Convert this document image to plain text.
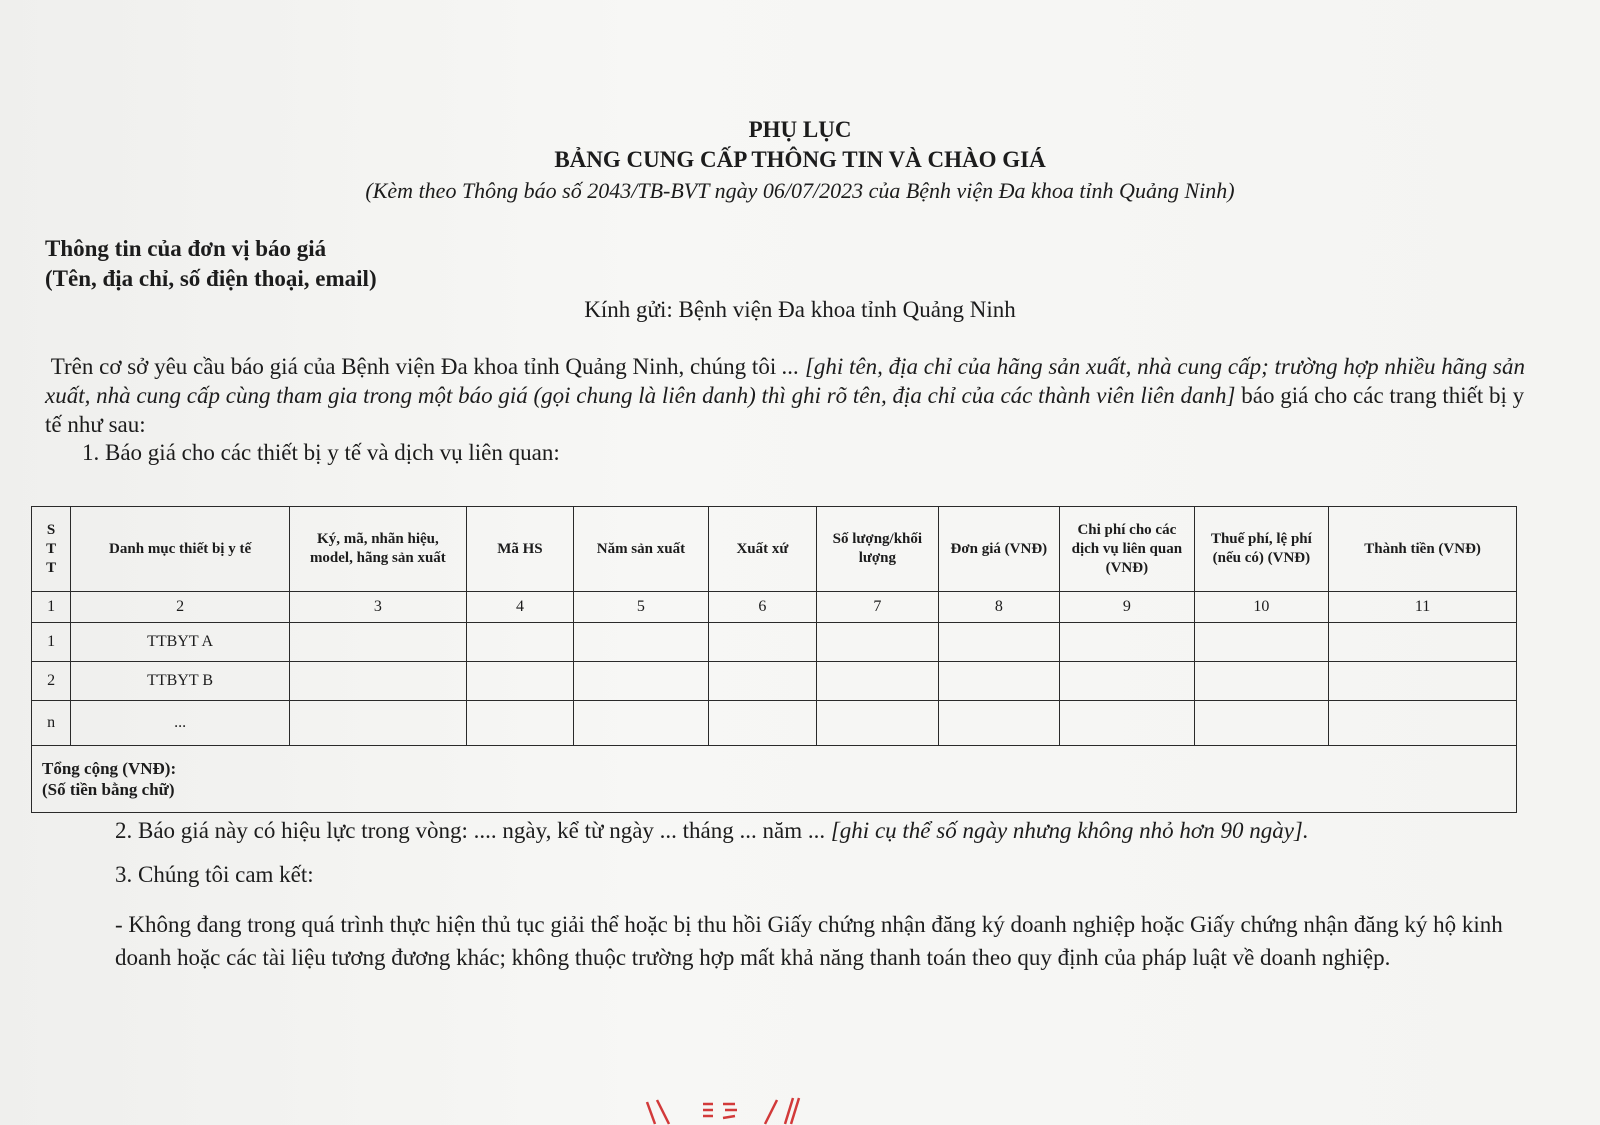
PHỤ LỤC
BẢNG CUNG CẤP THÔNG TIN VÀ CHÀO GIÁ
(Kèm theo Thông báo số 2043/TB-BVT ngày 06/07/2023 của Bệnh viện Đa khoa tỉnh Quảng Ninh)
Thông tin của đơn vị báo giá
(Tên, địa chỉ, số điện thoại, email)
Kính gửi: Bệnh viện Đa khoa tỉnh Quảng Ninh
Trên cơ sở yêu cầu báo giá của Bệnh viện Đa khoa tỉnh Quảng Ninh, chúng tôi ... [ghi tên, địa chỉ của hãng sản xuất, nhà cung cấp; trường hợp nhiều hãng sản xuất, nhà cung cấp cùng tham gia trong một báo giá (gọi chung là liên danh) thì ghi rõ tên, địa chỉ của các thành viên liên danh] báo giá cho các trang thiết bị y tế như sau:
1. Báo giá cho các thiết bị y tế và dịch vụ liên quan:
S
T
T	Danh mục thiết bị y tế	Ký, mã, nhãn hiệu, model, hãng sản xuất	Mã HS	Năm sản xuất	Xuất xứ	Số lượng/khối lượng	Đơn giá (VNĐ)	Chi phí cho các dịch vụ liên quan (VNĐ)	Thuế phí, lệ phí (nếu có) (VNĐ)	Thành tiền (VNĐ)
1	2	3	4	5	6	7	8	9	10	11
1	TTBYT A									
2	TTBYT B									
n	...									

Tổng cộng (VNĐ):
(Số tiền bằng chữ)										
2. Báo giá này có hiệu lực trong vòng: .... ngày, kể từ ngày ... tháng ... năm ... [ghi cụ thể số ngày nhưng không nhỏ hơn 90 ngày].
3. Chúng tôi cam kết:
- Không đang trong quá trình thực hiện thủ tục giải thể hoặc bị thu hồi Giấy chứng nhận đăng ký doanh nghiệp hoặc Giấy chứng nhận đăng ký hộ kinh doanh hoặc các tài liệu tương đương khác; không thuộc trường hợp mất khả năng thanh toán theo quy định của pháp luật về doanh nghiệp.
